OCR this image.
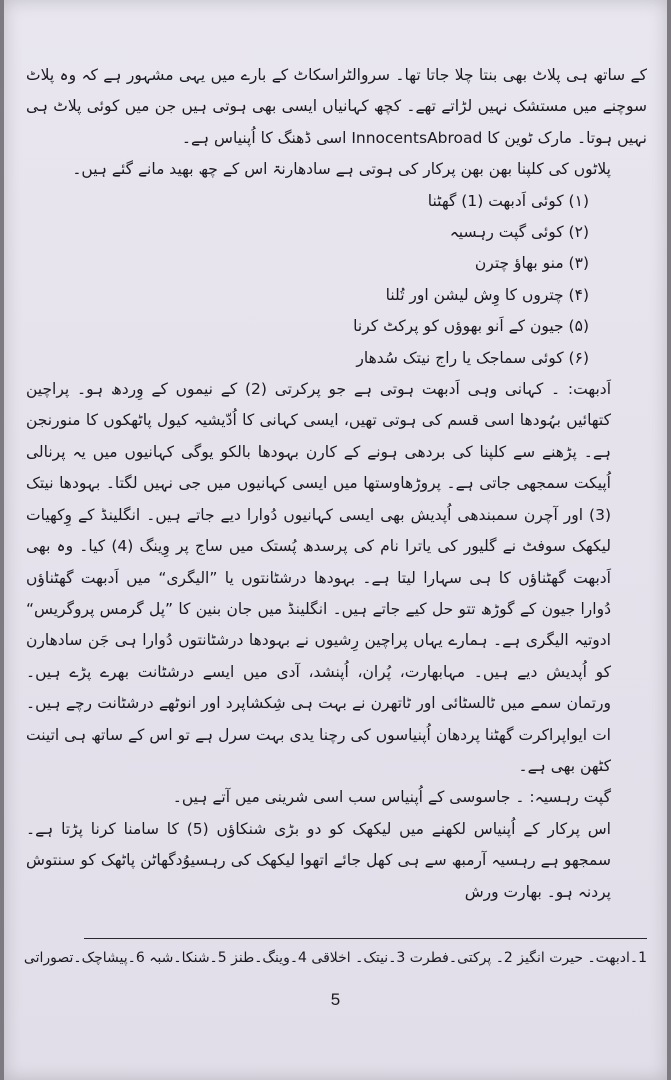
کے ساتھ ہی پلاٹ بھی بنتا چلا جاتا تھا۔ سروالٹراسکاٹ کے بارے میں یہی مشہور ہے کہ وہ پلاٹ سوچنے میں مستشک نہیں لڑاتے تھے۔ کچھ کہانیاں ایسی بھی ہوتی ہیں جن میں کوئی پلاٹ ہی نہیں ہوتا۔ مارک ٹوین کا InnocentsAbroad اسی ڈھنگ کا اُپنیاس ہے۔

پلاٹوں کی کلپنا بھن بھن پرکار کی ہوتی ہے سادھارنۃ اس کے چھ بھید مانے گئے ہیں۔

(۱) کوئی اَدبھت (1) گھٹنا

(۲) کوئی گپت رہسیہ

(۳) منو بھاؤ چترن

(۴) چتروں کا وِش لیشن اور تُلنا

(۵) جیون کے اَنو بھوؤں کو پرکٹ کرنا

(۶) کوئی سماجک یا راج نیتک سُدھار

اَدبھت: ۔ کہانی وہی اَدبھت ہوتی ہے جو پرکرتی (2) کے نیموں کے وِردھ ہو۔ پراچین کتھائیں بہُودھا اسی قسم کی ہوتی تھیں، ایسی کہانی کا اُدّیشیہ کیول پاٹھکوں کا منورنجن ہے۔ پڑھنے سے کلپنا کی بردھی ہونے کے کارن بہودھا بالکو یوگی کہانیوں میں یہ پرنالی اُپیکت سمجھی جاتی ہے۔ پروڑھاوستھا میں ایسی کہانیوں میں جی نہیں لگتا۔ بہودھا نیتک (3) اور آچرن سمبندھی اُپدیش بھی ایسی کہانیوں دُوارا دیے جاتے ہیں۔ انگلینڈ کے وِکھیات لیکھک سوفٹ نے گلیور کی یاترا نام کی پرسدھ پُستک میں ساج پر وِینگ (4) کیا۔ وہ بھی اَدبھت گھٹناؤں کا ہی سہارا لیتا ہے۔ بہودھا درشٹانتوں یا ”الیگری“ میں اَدبھت گھٹناؤں دُوارا جیون کے گوڑھ تتو حل کیے جاتے ہیں۔ انگلینڈ میں جان بنین کا ”پل گرمس پروگریس“ ادوتیہ الیگری ہے۔ ہمارے یہاں پراچین رِشیوں نے بہودھا درشٹانتوں دُوارا ہی جَن سادھارن کو اُپدیش دیے ہیں۔ مہابھارت، پُران، اُپنشد، آدی میں ایسے درشٹانت بھرے پڑے ہیں۔ ورتمان سمے میں ٹالسٹائی اور ٹاتھرن نے بہت ہی شِکشاپرد اور انوٹھے درشٹانت رچے ہیں۔ ات ایواپراکرت گھٹنا پردھان اُپنیاسوں کی رچنا یدی بہت سرل ہے تو اس کے ساتھ ہی اتینت کٹھن بھی ہے۔

گپت رہسیہ: ۔ جاسوسی کے اُپنیاس سب اسی شرینی میں آتے ہیں۔

اس پرکار کے اُپنیاس لکھنے میں لیکھک کو دو بڑی شنکاؤں (5) کا سامنا کرنا پڑتا ہے۔ سمجھو ہے رہسیہ آرمبھ سے ہی کھل جائے اتھوا لیکھک کی رہسیوُدگھاٹن پاٹھک کو سنتوش پردنہ ہو۔ بھارت ورش

1۔ادبھت۔ حیرت انگیز 2۔ پرکتی۔فطرت 3۔نیتک۔ اخلاقی 4۔وینگ۔طنز 5۔شنکا۔شبہ 6۔پیشاچک۔تصوراتی
5
